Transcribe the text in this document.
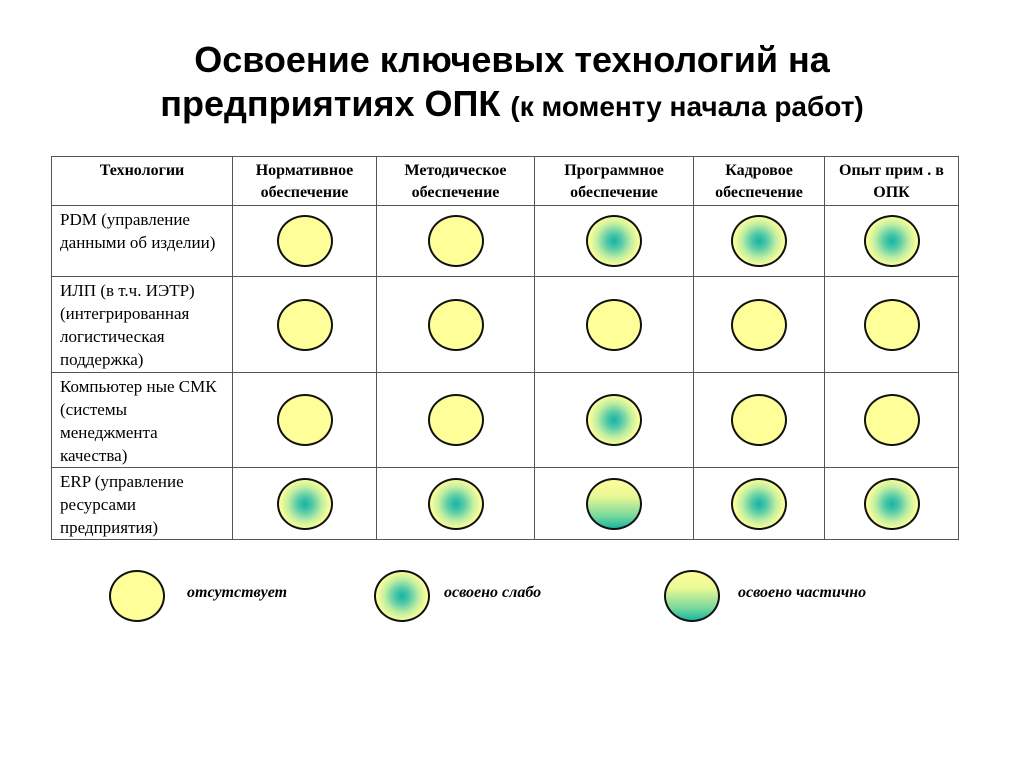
Освоение ключевых технологий на
предприятиях ОПК (к моменту начала работ)
Технологии	Нормативное обеспечение	Методическое обеспечение	Программное обеспечение	Кадровое обеспечение	Опыт прим . в ОПК
PDM (управление данными об изделии)					
ИЛП (в т.ч. ИЭТР) (интегрированная логистическая поддержка)					
Компьютер ные СМК (системы менеджмента качества)					
ERP (управление ресурсами предприятия)					
отсутствует	освоено слабо	освоено частично
